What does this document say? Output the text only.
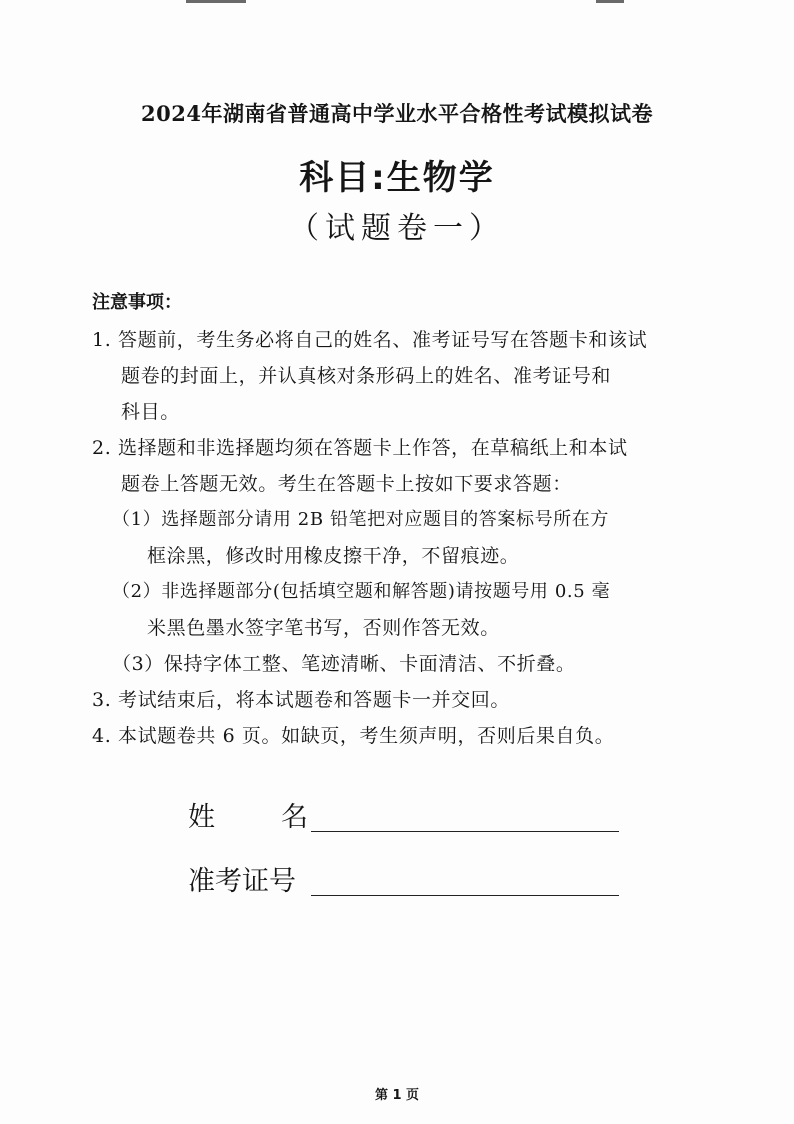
2024年湖南省普通高中学业水平合格性考试模拟试卷
科目:生物学
（试题卷一）
注意事项：
1. 答题前，考生务必将自己的姓名、准考证号写在答题卡和该试
题卷的封面上，并认真核对条形码上的姓名、准考证号和
科目。
2. 选择题和非选择题均须在答题卡上作答，在草稿纸上和本试
题卷上答题无效。考生在答题卡上按如下要求答题：
（1）选择题部分请用 2B 铅笔把对应题目的答案标号所在方
框涂黑，修改时用橡皮擦干净，不留痕迹。
（2）非选择题部分(包括填空题和解答题)请按题号用 0.5 毫
米黑色墨水签字笔书写，否则作答无效。
（3）保持字体工整、笔迹清晰、卡面清洁、不折叠。
3. 考试结束后，将本试题卷和答题卡一并交回。
4. 本试题卷共 6 页。如缺页，考生须声明，否则后果自负。
姓 名
准考证号
第 1 页
